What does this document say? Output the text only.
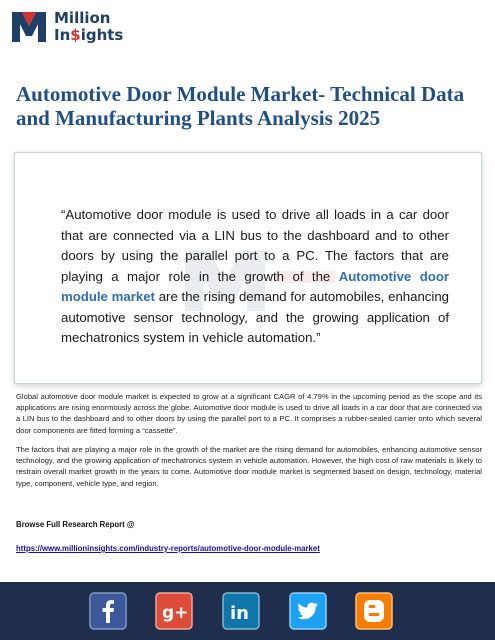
Million
In$ights
Automotive Door Module Market- Technical Data and Manufacturing Plants Analysis 2025

“Automotive door module is used to drive all loads in a car door that are connected via a LIN bus to the dashboard and to other doors by using the parallel port to a PC. The factors that are playing a major role in the growth of the Automotive door module market are the rising demand for automobiles, enhancing automotive sensor technology, and the growing application of mechatronics system in vehicle automation.”

Global automotive door module market is expected to grow at a significant CAGR of 4.79% in the upcoming period as the scope and its applications are rising enormously across the globe. Automotive door module is used to drive all loads in a car door that are connected via a LIN bus to the dashboard and to other doors by using the parallel port to a PC. It comprises a rubber-sealed carrier onto which several door components are fitted forming a “cassette”.

The factors that are playing a major role in the growth of the market are the rising demand for automobiles, enhancing automotive sensor technology, and the growing application of mechatronics system in vehicle automation. However, the high cost of raw materials is likely to restrain overall market growth in the years to come. Automotive door module market is segmented based on design, technology, material type, component, vehicle type, and region.

Browse Full Research Report @
https://www.millioninsights.com/industry-reports/automotive-door-module-market
g+ in
